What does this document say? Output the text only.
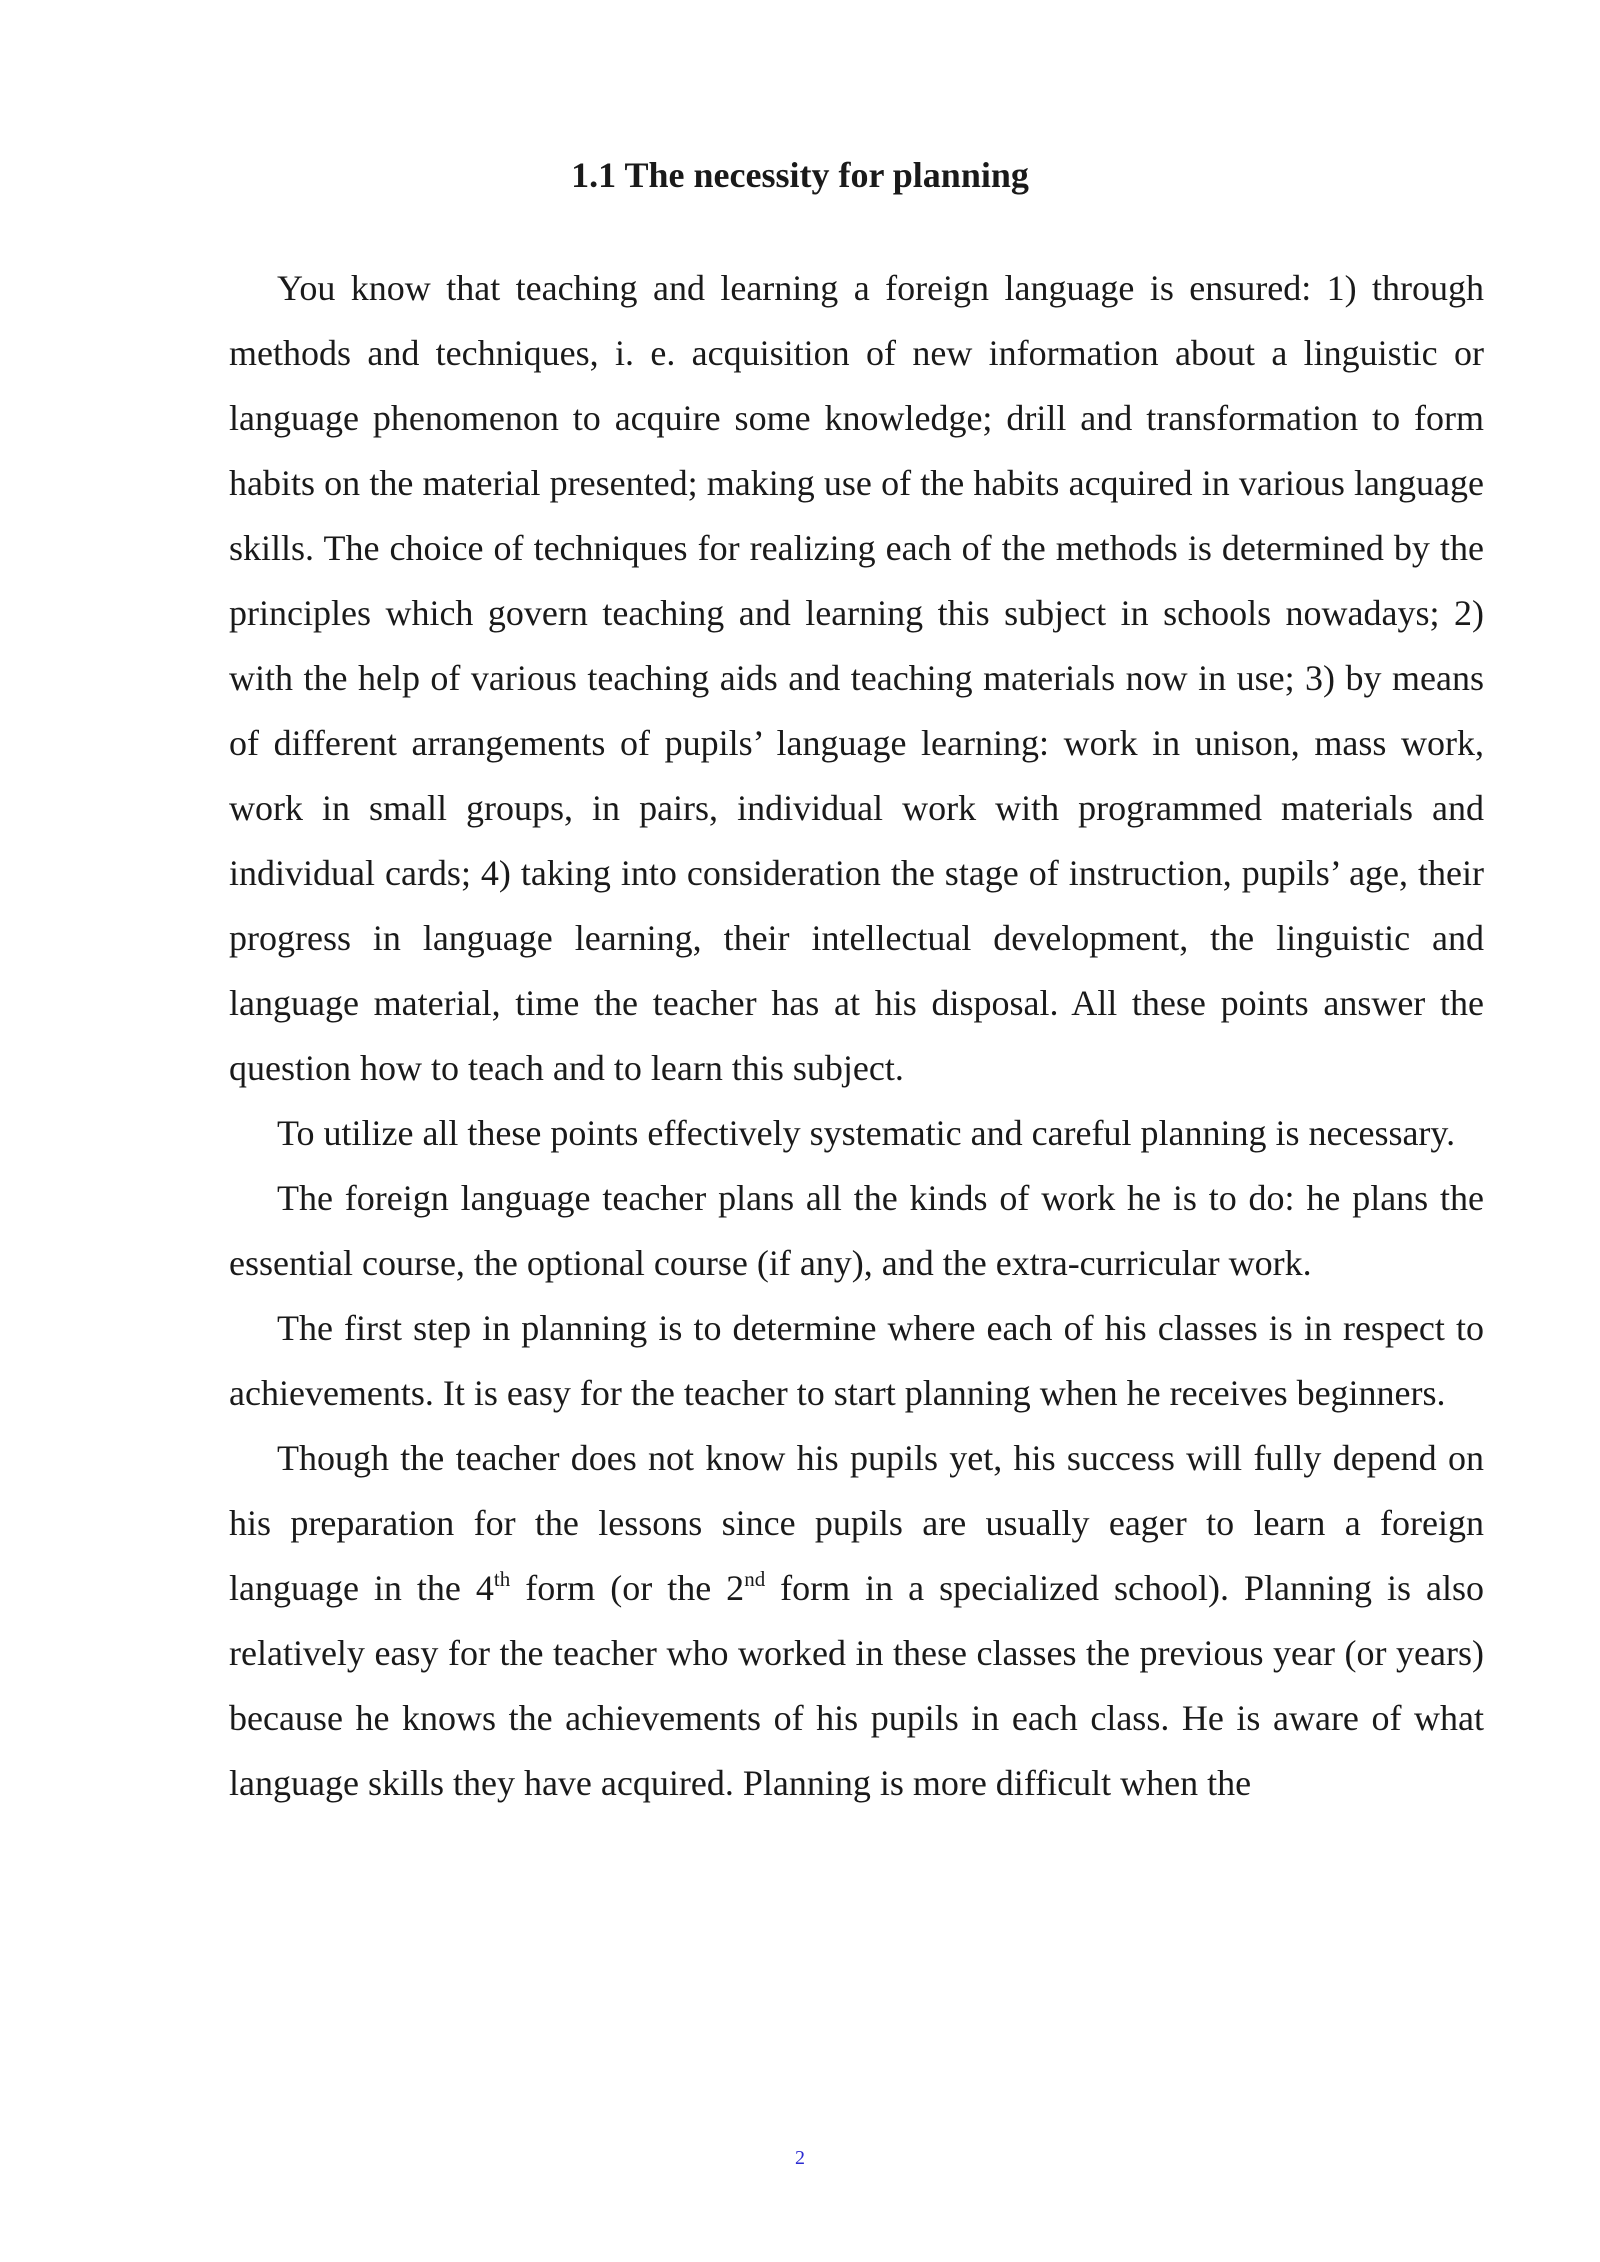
1.1 The necessity for planning

You know that teaching and learning a foreign language is ensured: 1) through methods and techniques, i. e. acquisition of new information about a linguistic or language phenomenon to acquire some knowledge; drill and transformation to form habits on the material presented; making use of the habits acquired in various language skills. The choice of techniques for realizing each of the methods is determined by the principles which govern teaching and learning this subject in schools nowadays; 2) with the help of various teaching aids and teaching materials now in use; 3) by means of different arrangements of pupils’ language learning: work in unison, mass work, work in small groups, in pairs, individual work with programmed materials and individual cards; 4) taking into consideration the stage of instruction, pupils’ age, their progress in language learning, their intellectual development, the linguistic and language material, time the teacher has at his disposal. All these points answer the question how to teach and to learn this subject.

To utilize all these points effectively systematic and careful planning is necessary.

The foreign language teacher plans all the kinds of work he is to do: he plans the essential course, the optional course (if any), and the extra-curricular work.

The first step in planning is to determine where each of his classes is in respect to achievements. It is easy for the teacher to start planning when he receives beginners.

Though the teacher does not know his pupils yet, his success will fully depend on his preparation for the lessons since pupils are usually eager to learn a foreign language in the 4th form (or the 2nd form in a specialized school). Planning is also relatively easy for the teacher who worked in these classes the previous year (or years) because he knows the achievements of his pupils in each class. He is aware of what language skills they have acquired. Planning is more difficult when the

2
